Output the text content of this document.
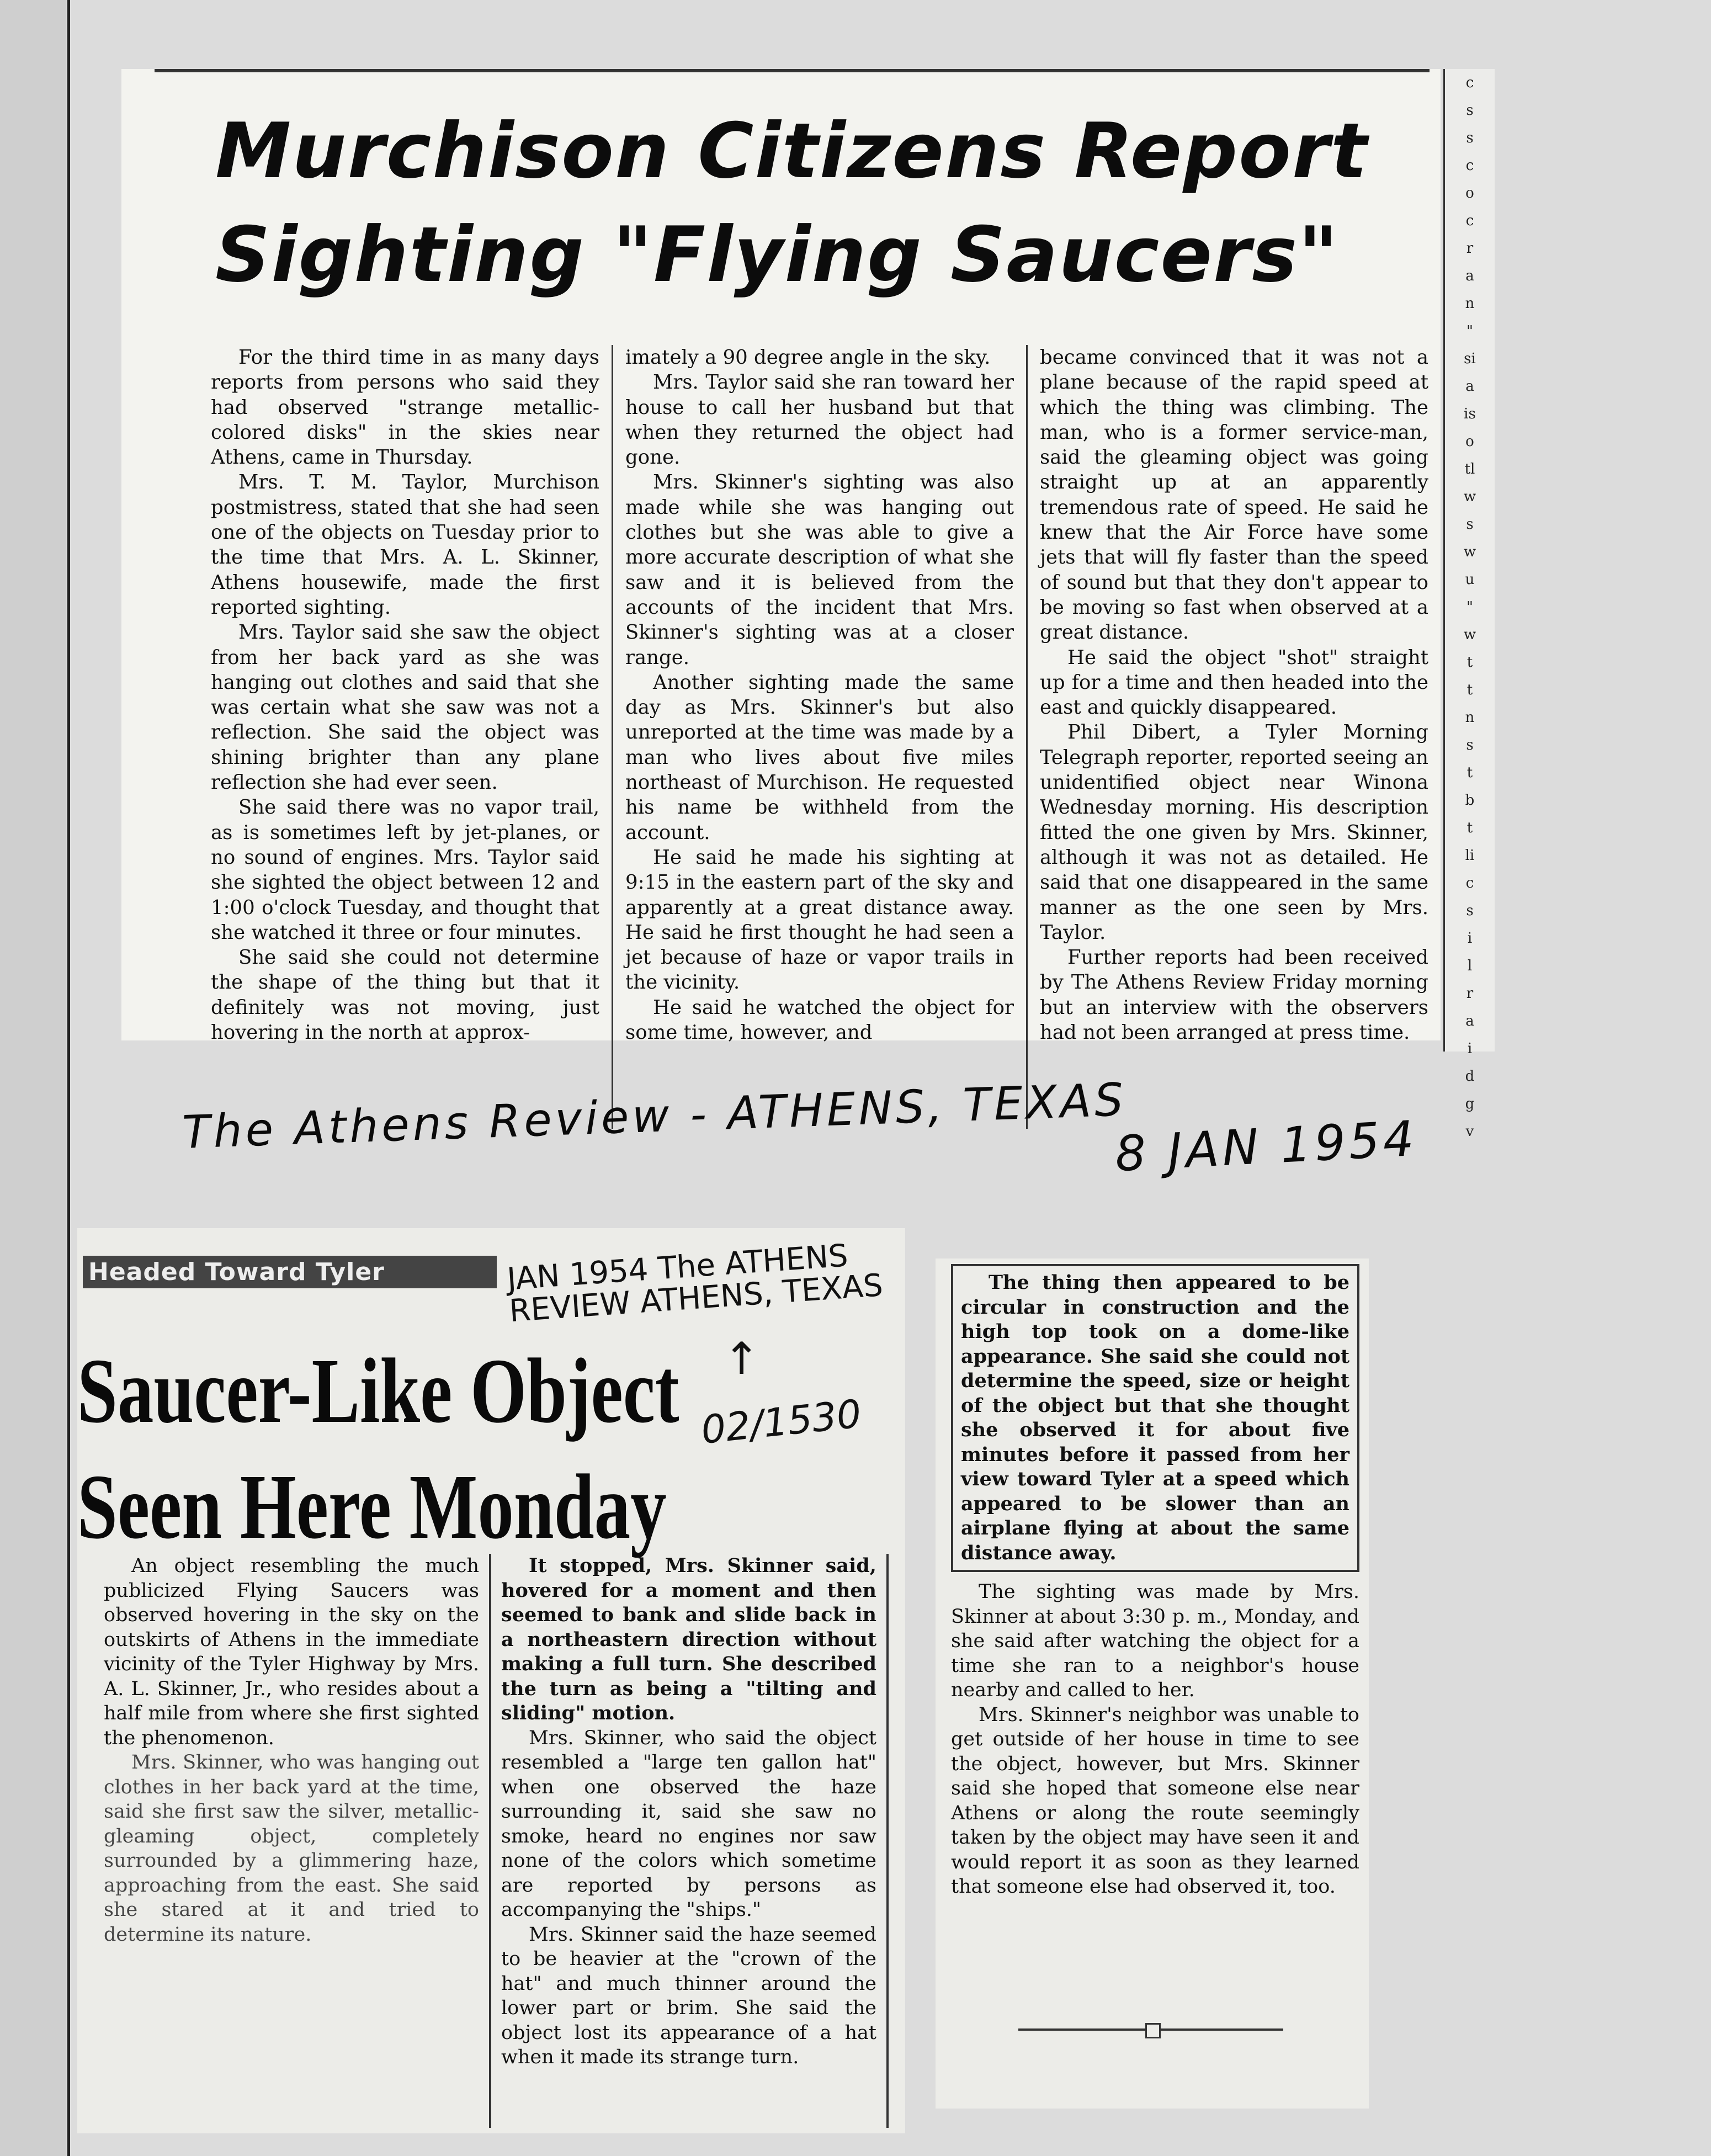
Murchison Citizens Report Sighting "Flying Saucers"

For the third time in as many days reports from persons who said they had observed "strange metallic-colored disks" in the skies near Athens, came in Thursday.

Mrs. T. M. Taylor, Murchison postmistress, stated that she had seen one of the objects on Tuesday prior to the time that Mrs. A. L. Skinner, Athens housewife, made the first reported sighting.

Mrs. Taylor said she saw the object from her back yard as she was hanging out clothes and said that she was certain what she saw was not a reflection. She said the object was shining brighter than any plane reflection she had ever seen.

She said there was no vapor trail, as is sometimes left by jet-planes, or no sound of engines. Mrs. Taylor said she sighted the object between 12 and 1:00 o'clock Tuesday, and thought that she watched it three or four minutes.

She said she could not determine the shape of the thing but that it definitely was not moving, just hovering in the north at approx-

imately a 90 degree angle in the sky.

Mrs. Taylor said she ran toward her house to call her husband but that when they returned the object had gone.

Mrs. Skinner's sighting was also made while she was hanging out clothes but she was able to give a more accurate description of what she saw and it is believed from the accounts of the incident that Mrs. Skinner's sighting was at a closer range.

Another sighting made the same day as Mrs. Skinner's but also unreported at the time was made by a man who lives about five miles northeast of Murchison. He requested his name be withheld from the account.

He said he made his sighting at 9:15 in the eastern part of the sky and apparently at a great distance away. He said he first thought he had seen a jet because of haze or vapor trails in the vicinity.

He said he watched the object for some time, however, and

became convinced that it was not a plane because of the rapid speed at which the thing was climbing. The man, who is a former service-man, said the gleaming object was going straight up at an apparently tremendous rate of speed. He said he knew that the Air Force have some jets that will fly faster than the speed of sound but that they don't appear to be moving so fast when observed at a great distance.

He said the object "shot" straight up for a time and then headed into the east and quickly disappeared.

Phil Dibert, a Tyler Morning Telegraph reporter, reported seeing an unidentified object near Winona Wednesday morning. His description fitted the one given by Mrs. Skinner, although it was not as detailed. He said that one disappeared in the same manner as the one seen by Mrs. Taylor.

Further reports had been received by The Athens Review Friday morning but an interview with the observers had not been arranged at press time.

c
s
s
c
o
c
r
a
n
"
si
a
is
o
tl
w
s
w
u
"
w
t
t
n
s
t
b
t
li
c
s
i
l
r
a
i
d
g
v
The Athens Review - ATHENS, TEXAS
8 JAN 1954
Headed Toward Tyler	JAN 1954 The ATHENS REVIEW ATHENS, TEXAS
↑
02/1530
Saucer-Like Object
Seen Here Monday

An object resembling the much publicized Flying Saucers was observed hovering in the sky on the outskirts of Athens in the immediate vicinity of the Tyler Highway by Mrs. A. L. Skinner, Jr., who resides about a half mile from where she first sighted the phenomenon.

Mrs. Skinner, who was hanging out clothes in her back yard at the time, said she first saw the silver, metallic-gleaming object, completely surrounded by a glimmering haze, approaching from the east. She said she stared at it and tried to determine its nature.

It stopped, Mrs. Skinner said, hovered for a moment and then seemed to bank and slide back in a northeastern direction without making a full turn. She described the turn as being a "tilting and sliding" motion.

Mrs. Skinner, who said the object resembled a "large ten gallon hat" when one observed the haze surrounding it, said she saw no smoke, heard no engines nor saw none of the colors which sometime are reported by persons as accompanying the "ships."

Mrs. Skinner said the haze seemed to be heavier at the "crown of the hat" and much thinner around the lower part or brim. She said the object lost its appearance of a hat when it made its strange turn.

The thing then appeared to be circular in construction and the high top took on a dome-like appearance. She said she could not determine the speed, size or height of the object but that she thought she observed it for about five minutes before it passed from her view toward Tyler at a speed which appeared to be slower than an airplane flying at about the same distance away.

The sighting was made by Mrs. Skinner at about 3:30 p. m., Monday, and she said after watching the object for a time she ran to a neighbor's house nearby and called to her.

Mrs. Skinner's neighbor was unable to get outside of her house in time to see the object, however, but Mrs. Skinner said she hoped that someone else near Athens or along the route seemingly taken by the object may have seen it and would report it as soon as they learned that someone else had observed it, too.
